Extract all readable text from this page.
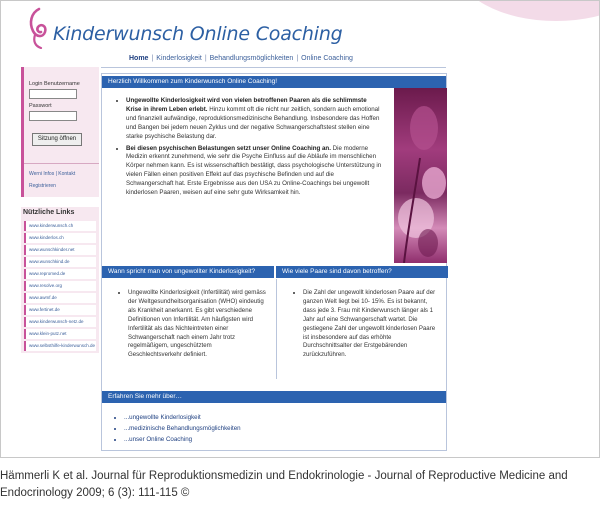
Kinderwunsch Online Coaching
Home | Kinderlosigkeit | Behandlungsmöglichkeiten | Online Coaching
Login Benutzername
Passwort
Sitzung öffnen
Werni Infos | Kontakt
Registrieren
Nützliche Links
www.kinderwunsch.ch
www.kinderlos.ch
www.wunschkinder.net
www.wunschkind.de
www.repromed.de
www.resolve.org
www.awmf.de
www.fertinet.de
www.kinderwunsch-netz.de
www.klein-putz.net
www.selbsthilfe-kinderwunsch.de
Herzlich Willkommen zum Kinderwunsch Online Coaching!
• Ungewollte Kinderlosigkeit wird von vielen betroffenen Paaren als die schlimmste Krise in ihrem Leben erlebt. Hinzu kommt oft die nicht nur zeitlich, sondern auch emotional und finanziell aufwändige, reproduktionsmedizinische Behandlung. Insbesondere das Hoffen und Bangen bei jedem neuen Zyklus und der negative Schwangerschaftstest stellen eine starke psychische Belastung dar.
• Bei diesen psychischen Belastungen setzt unser Online Coaching an. Die moderne Medizin erkennt zunehmend, wie sehr die Psyche Einfluss auf die Abläufe im menschlichen Körper nehmen kann. Es ist wissenschaftlich bestätigt, dass psychologische Unterstützung in vielen Fällen einen positiven Effekt auf das psychische Befinden und auf die Schwangerschaft hat. Erste Ergebnisse aus den USA zu Online-Coachings bei ungewollt kinderlosen Paaren, weisen auf eine sehr gute Wirksamkeit hin.
Wann spricht man von ungewollter Kinderlosigkeit?	Wie viele Paare sind davon betroffen?
• Ungewollte Kinderlosigkeit (Infertilität) wird gemäss der Weltgesundheitsorganisation (WHO) eindeutig als Krankheit anerkannt. Es gibt verschiedene Definitionen von Infertilität. Am häufigsten wird Infertilität als das Nichteintreten einer Schwangerschaft nach einem Jahr trotz regelmäßigem, ungeschütztem Geschlechtsverkehr definiert.
• Die Zahl der ungewollt kinderlosen Paare auf der ganzen Welt liegt bei 10- 15%. Es ist bekannt, dass jede 3. Frau mit Kinderwunsch länger als 1 Jahr auf eine Schwangerschaft wartet. Die gestiegene Zahl der ungewollt kinderlosen Paare ist insbesondere auf das erhöhte Durchschnittsalter der Erstgebärenden zurückzuführen.
Erfahren Sie mehr über…
• ...ungewollte Kinderlosigkeit
• ...medizinische Behandlungsmöglichkeiten
• ...unser Online Coaching
Hämmerli K et al. Journal für Reproduktionsmedizin und Endokrinologie - Journal of Reproductive Medicine and Endocrinology 2009; 6 (3): 111-115 ©
